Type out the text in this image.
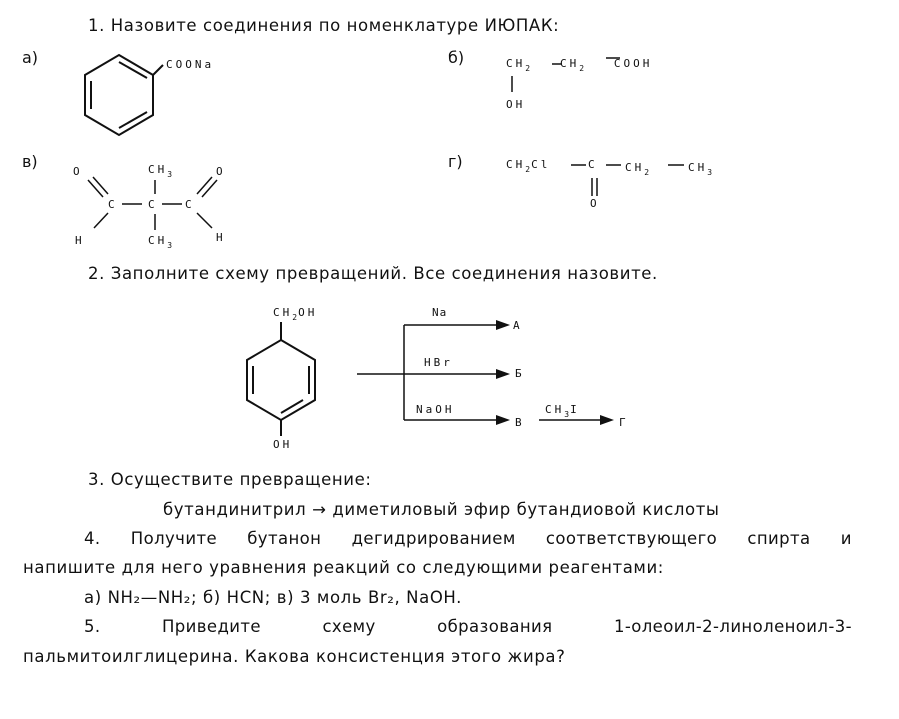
1. Назовите соединения по номенклатуре ИЮПАК:
а)	COONa	б)	$CH_2$	$CH_2$	COOH
OH
в)
O	O
$CH_3$
C	C C
H	H
$CH_3$
г)	$CH_2Cl$	C $CH_2$	$CH_3$
O
2. Заполните схему превращений. Все соединения назовите.
$CH_2OH$
OH
Na
HBr
NaOH
А
Б
В
$CH_3I$
Г
3. Осуществите превращение:
бутандинитрил → диметиловый эфир бутандиовой кислоты
4. Получите бутанон дегидрированием соответствующего спирта и
напишите для него уравнения реакций со следующими реагентами:
а) NH₂—NH₂; б) HCN; в) 3 моль Br₂, NaOH.
5.	Приведите	схему	образования	1-олеоил-2-линоленоил-3-
пальмитоилглицерина. Какова консистенция этого жира?
